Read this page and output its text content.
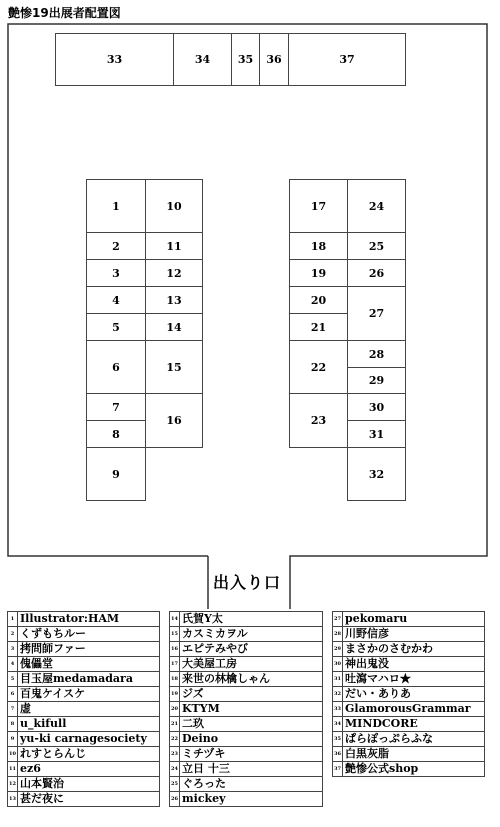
艶惨19出展者配置図
33	34	35 36	37
1
2
3
4
5
6
7
8
9
10
11
12
13
14
15
16
17
18
19
20
21
22
23
24
25
26
27
28
29
30
31
32
出入り口
1	Illustrator:HAM
2	くずもちルー
3	拷問師ファー
4	傀儡堂
5	目玉屋medamadara
6	百鬼ケイスケ
7	虚
8	u_kifull
9	yu-ki carnagesociety
10	れすとらんじ
11	ez6
12	山本賢治
13	甚だ夜に
14	氏賀Y太
15	カスミカヲル
16	エピテみやび
17	大美屋工房
18	来世の林檎しゃん
19	ジズ
20	KTYM
21	二玖
22	Deino
23	ミチヅキ
24	立日 十三
25	ぐろった
26	mickey
27	pekomaru
28	川野信彦
29	まさかのさむかわ
30	神出鬼没
31	吐瀉マハロ★
32	だい・ありあ
33	GlamorousGrammar
34	MINDCORE
35	ぱらぽっぷらふな
36	白黒灰脂
37	艶惨公式shop
